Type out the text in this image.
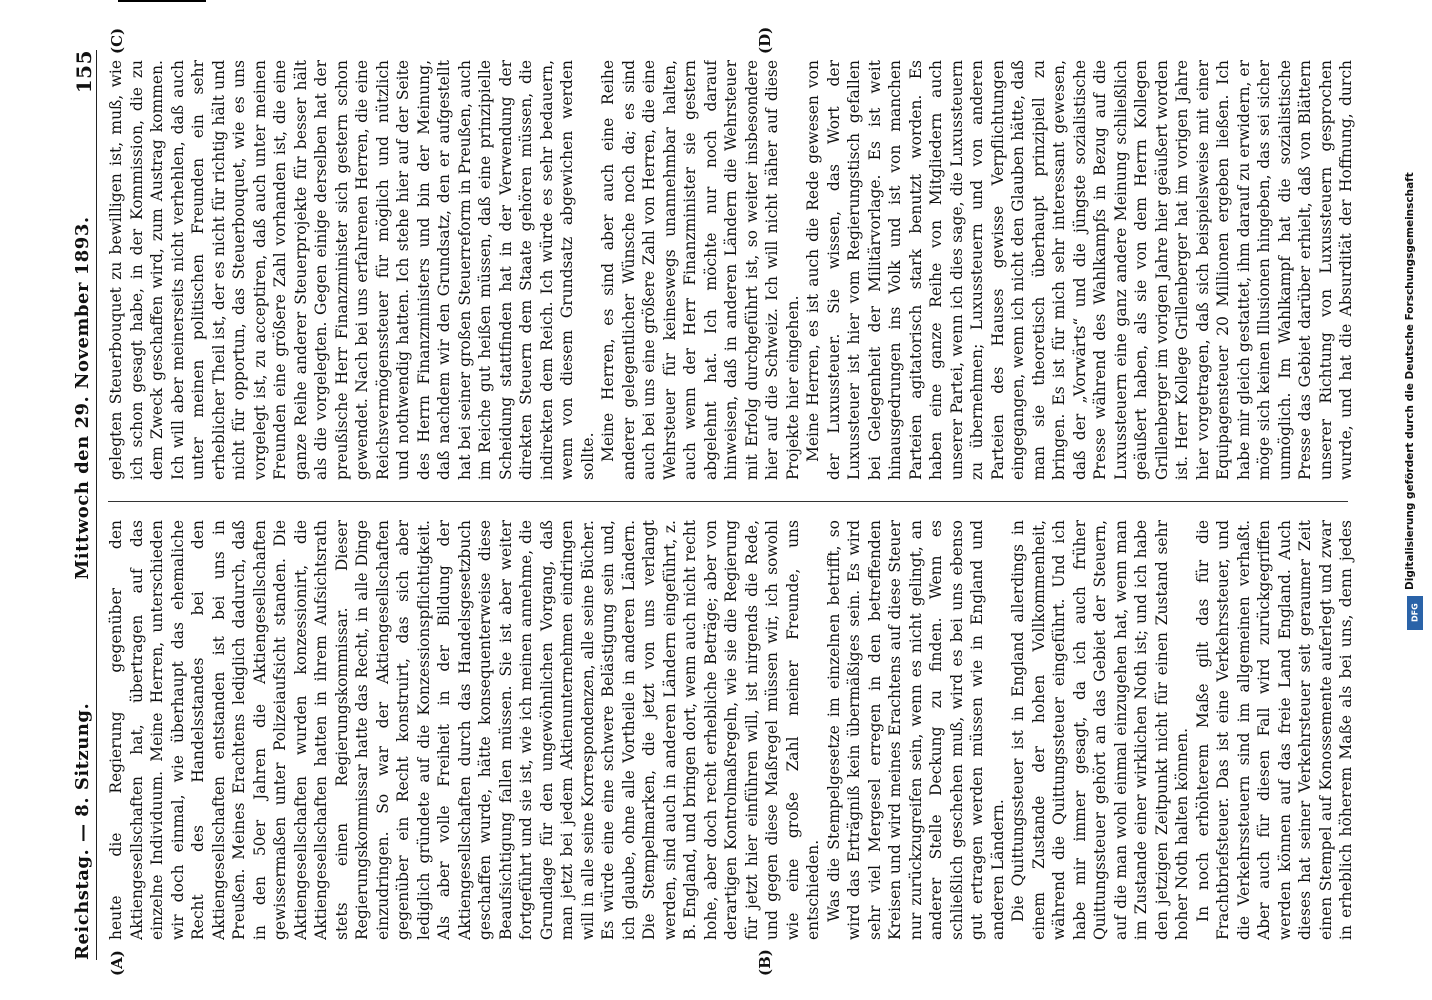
Reichstag. — 8. Sitzung.
Mittwoch den 29. November 1893.
155
(A)	(B)
(C)	(D)

heute die Regierung gegenüber den Aktiengesellschaften hat, übertragen auf das einzelne Individuum. Meine Herren, unterschieden wir doch einmal, wie überhaupt das ehemaliche Recht des Handelsstandes bei den Aktiengesellschaften entstanden ist bei uns in Preußen. Meines Erachtens lediglich dadurch, daß in den 50er Jahren die Aktiengesellschaften gewissermaßen unter Polizeiaufsicht standen. Die Aktiengesellschaften wurden konzessionirt, die Aktiengesellschaften hatten in ihrem Aufsichtsrath stets einen Regierungskommissar. Dieser Regierungskommissar hatte das Recht, in alle Dinge einzudringen. So war der Aktiengesellschaften gegenüber ein Recht konstruirt, das sich aber lediglich gründete auf die Konzessionspflichtigkeit. Als aber volle Freiheit in der Bildung der Aktiengesellschaften durch das Handelsgesetzbuch geschaffen wurde, hätte konsequenterweise diese Beaufsichtigung fallen müssen. Sie ist aber weiter fortgeführt und sie ist, wie ich meinen annehme, die Grundlage für den ungewöhnlichen Vorgang, daß man jetzt bei jedem Aktienunternehmen eindringen will in alle seine Korrespondenzen, alle seine Bücher. Es würde eine eine schwere Belästigung sein und, ich glaube, ohne alle Vortheile in anderen Ländern. Die Stempelmarken, die jetzt von uns verlangt werden, sind auch in anderen Ländern eingeführt, z. B. England, und bringen dort, wenn auch nicht recht hohe, aber doch recht erhebliche Beträge; aber von derartigen Kontrolmaßregeln, wie sie die Regierung für jetzt hier einführen will, ist nirgends die Rede, und gegen diese Maßregel müssen wir, ich sowohl wie eine große Zahl meiner Freunde, uns entschieden. Was die Stempelgesetze im einzelnen betrifft, so wird das Erträgniß kein übermäßiges sein. Es wird sehr viel Mergesel erregen in den betreffenden Kreisen und wird meines Erachtens auf diese Steuer nur zurückzugreifen sein, wenn es nicht gelingt, an anderer Stelle Deckung zu finden. Wenn es schließlich geschehen muß, wird es bei uns ebenso gut ertragen werden müssen wie in England und anderen Ländern. Die Quittungssteuer ist in England allerdings in einem Zustande der hohen Vollkommenheit, während die Quittungssteuer eingeführt. Und ich habe mir immer gesagt, da ich auch früher Quittungssteuer gehört an das Gebiet der Steuern, auf die man wohl einmal einzugehen hat, wenn man im Zustande einer wirklichen Noth ist; und ich habe den jetzigen Zeitpunkt nicht für einen Zustand sehr hoher Noth halten können. In noch erhöhterem Maße gilt das für die Frachtbriefsteuer. Das ist eine Verkehrssteuer, und die Verkehrssteuern sind im allgemeinen verhaßt. Aber auch für diesen Fall wird zurückgegriffen werden können auf das freie Land England. Auch dieses hat seiner Verkehrsteuer seit geraumer Zeit einen Stempel auf Konossemente auferlegt und zwar in erheblich höherem Maße als bei uns, denn jedes

gelegten Steuerbouquet zu bewilligen ist, muß, wie ich schon gesagt habe, in der Kommission, die zu dem Zweck geschaffen wird, zum Austrag kommen. Ich will aber meinerseits nicht verhehlen, daß auch unter meinen politischen Freunden ein sehr erheblicher Theil ist, der es nicht für richtig hält und nicht für opportun, das Steuerbouquet, wie es uns vorgelegt ist, zu acceptiren, daß auch unter meinen Freunden eine größere Zahl vorhanden ist, die eine ganze Reihe anderer Steuerprojekte für besser hält als die vorgelegten. Gegen einige derselben hat der preußische Herr Finanzminister sich gestern schon gewendet. Nach bei uns erfahrenen Herren, die eine Reichsvermögenssteuer für möglich und nützlich und nothwendig hatten. Ich stehe hier auf der Seite des Herrn Finanzministers und bin der Meinung, daß nachdem wir den Grundsatz, den er aufgestellt hat bei seiner großen Steuerreform in Preußen, auch im Reiche gut heißen müssen, daß eine prinzipielle Scheidung stattfinden hat in der Verwendung der direkten Steuern dem Staate gehören müssen, die indirekten dem Reich. Ich würde es sehr bedauern, wenn von diesem Grundsatz abgewichen werden sollte. Meine Herren, es sind aber auch eine Reihe anderer gelegentlicher Wünsche noch da; es sind auch bei uns eine größere Zahl von Herren, die eine Wehrsteuer für keineswegs unannehmbar halten, auch wenn der Herr Finanzminister sie gestern abgelehnt hat. Ich möchte nur noch darauf hinweisen, daß in anderen Ländern die Wehrsteuer mit Erfolg durchgeführt ist, so weiter insbesondere hier auf die Schweiz. Ich will nicht näher auf diese Projekte hier eingehen. Meine Herren, es ist auch die Rede gewesen von der Luxussteuer. Sie wissen, das Wort der Luxussteuer ist hier vom Regierungstisch gefallen bei Gelegenheit der Militärvorlage. Es ist weit hinausgedrungen ins Volk und ist von manchen Parteien agitatorisch stark benutzt worden. Es haben eine ganze Reihe von Mitgliedern auch unserer Partei, wenn ich dies sage, die Luxussteuern zu übernehmen; Luxussteuern und von anderen Parteien des Hauses gewisse Verpflichtungen eingegangen, wenn ich nicht den Glauben hätte, daß man sie theoretisch überhaupt prinzipiell zu bringen. Es ist für mich sehr interessant gewesen, daß der „Vorwärts“ und die jüngste sozialistische Presse während des Wahlkampfs in Bezug auf die Luxussteuern eine ganz andere Meinung schließlich geäußert haben, als sie von dem Herrn Kollegen Grillenberger im vorigen Jahre hier geäußert worden ist. Herr Kollege Grillenberger hat im vorigen Jahre hier vorgetragen, daß sich beispielsweise mit einer Equipagensteuer 20 Millionen ergeben ließen. Ich habe mir gleich gestattet, ihm darauf zu erwidern, er möge sich keinen Illusionen hingeben, das sei sicher unmöglich. Im Wahlkampf hat die sozialistische Presse das Gebiet darüber erhielt, daß von Blättern unserer Richtung von Luxussteuern gesprochen wurde, und hat die Absurdität der Hoffnung, durch

Digitalisierung gefördert durch die Deutsche Forschungsgemeinschaft
DFG
